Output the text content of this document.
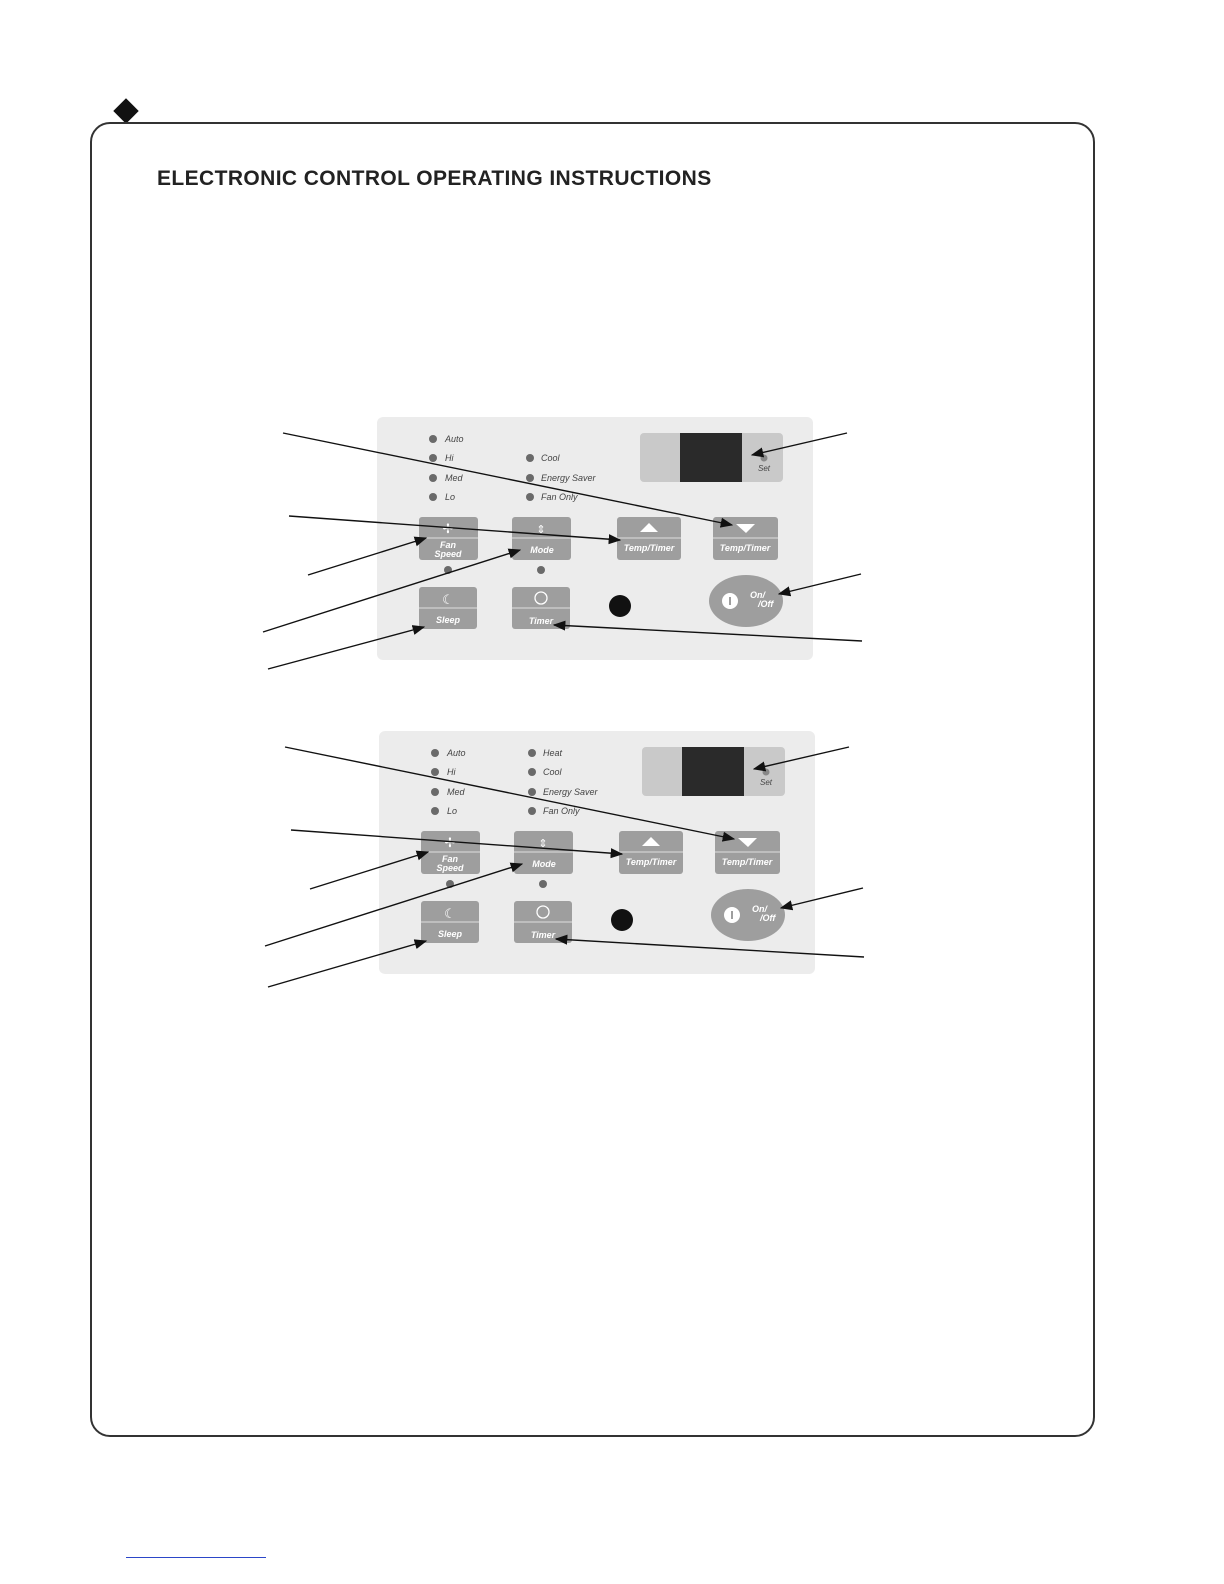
ELECTRONIC CONTROL OPERATING INSTRUCTIONS
Auto
Hi
Med
Lo
Cool
Energy Saver
Fan Only
Set
✢
Fan
Speed
⇕
Mode	Temp/Timer	Temp/Timer
☾
Sleep	Timer
On/
/Off
Auto
Hi
Med
Lo
Heat
Cool
Energy Saver
Fan Only
Set
✢
Fan
Speed
⇕
Mode	Temp/Timer	Temp/Timer
☾
Sleep	Timer
On/
/Off
